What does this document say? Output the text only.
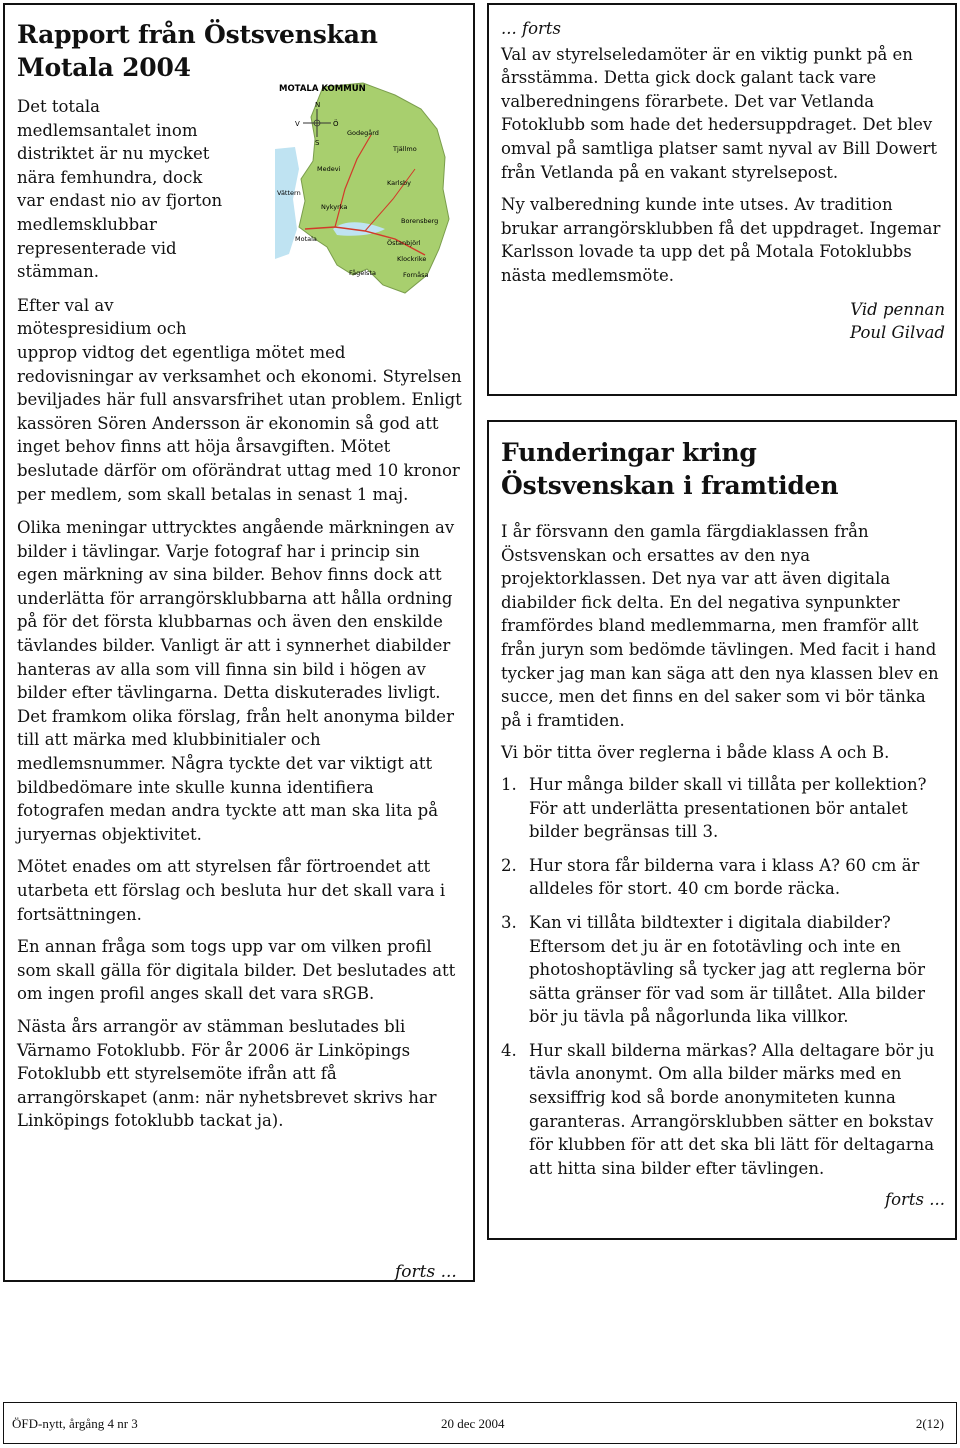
Rapport från Östsvenskan Motala 2004
Det totala
medlemsantalet inom
distriktet är nu mycket
nära femhundra, dock
var endast nio av fjorton
medlemsklubbar
representerade vid
stämman.
Efter val av
mötespresidium och
upprop vidtog det egentliga mötet med redovisningar av verksamhet och ekonomi. Styrelsen beviljades här full ansvarsfrihet utan problem. Enligt kassören Sören Andersson är ekonomin så god att inget behov finns att höja årsavgiften. Mötet beslutade därför om oförändrat uttag med 10 kronor per medlem, som skall betalas in senast 1 maj.

Olika meningar uttrycktes angående märkningen av bilder i tävlingar. Varje fotograf har i princip sin egen märkning av sina bilder. Behov finns dock att underlätta för arrangörsklubbarna att hålla ordning på för det första klubbarnas och även den enskilde tävlandes bilder. Vanligt är att i synnerhet diabilder hanteras av alla som vill finna sin bild i högen av bilder efter tävlingarna. Detta diskuterades livligt. Det framkom olika förslag, från helt anonyma bilder till att märka med klubbinitialer och medlemsnummer. Några tyckte det var viktigt att bildbedömare inte skulle kunna identifiera fotografen medan andra tyckte att man ska lita på juryernas objektivitet.

Mötet enades om att styrelsen får förtroendet att utarbeta ett förslag och besluta hur det skall vara i fortsättningen.

En annan fråga som togs upp var om vilken profil som skall gälla för digitala bilder. Det beslutades att om ingen profil anges skall det vara sRGB.

Nästa års arrangör av stämman beslutades bli Värnamo Fotoklubb. För år 2006 är Linköpings Fotoklubb ett styrelsemöte ifrån att få arrangörskapet (anm: när nyhetsbrevet skrivs har Linköpings fotoklubb tackat ja).

N
V	Ö
S
MOTALA KOMMUN
Godegård
Tjällmo
Medevi
Karlsby
Nykyrka
Motala
Borensberg
Östanbjörl
Fågelsta
Klockrike
Fornåsa
Vättern
forts ...

... forts

Val av styrelseledamöter är en viktig punkt på en årsstämma. Detta gick dock galant tack vare valberedningens förarbete. Det var Vetlanda Fotoklubb som hade det hedersuppdraget. Det blev omval på samtliga platser samt nyval av Bill Dowert från Vetlanda på en vakant styrelsepost.

Ny valberedning kunde inte utses. Av tradition brukar arrangörsklubben få det uppdraget. Ingemar Karlsson lovade ta upp det på Motala Fotoklubbs nästa medlemsmöte.

Vid pennan

Poul Gilvad

Funderingar kring Östsvenskan i framtiden

I år försvann den gamla färgdiaklassen från Östsvenskan och ersattes av den nya projektorklassen. Det nya var att även digitala diabilder fick delta. En del negativa synpunkter framfördes bland medlemmarna, men framför allt från juryn som bedömde tävlingen. Med facit i hand tycker jag man kan säga att den nya klassen blev en succe, men det finns en del saker som vi bör tänka på i framtiden.

Vi bör titta över reglerna i både klass A och B.

1. Hur många bilder skall vi tillåta per kollektion? För att underlätta presentationen bör antalet bilder begränsas till 3.
2. Hur stora får bilderna vara i klass A? 60 cm är alldeles för stort. 40 cm borde räcka.
3. Kan vi tillåta bildtexter i digitala diabilder? Eftersom det ju är en fototävling och inte en photoshoptävling så tycker jag att reglerna bör sätta gränser för vad som är tillåtet. Alla bilder bör ju tävla på någorlunda lika villkor.
4. Hur skall bilderna märkas? Alla deltagare bör ju tävla anonymt. Om alla bilder märks med en sexsiffrig kod så borde anonymiteten kunna garanteras. Arrangörsklubben sätter en bokstav för klubben för att det ska bli lätt för deltagarna att hitta sina bilder efter tävlingen.

forts ...

ÖFD-nytt, årgång 4 nr 3	20 dec 2004	2(12)
